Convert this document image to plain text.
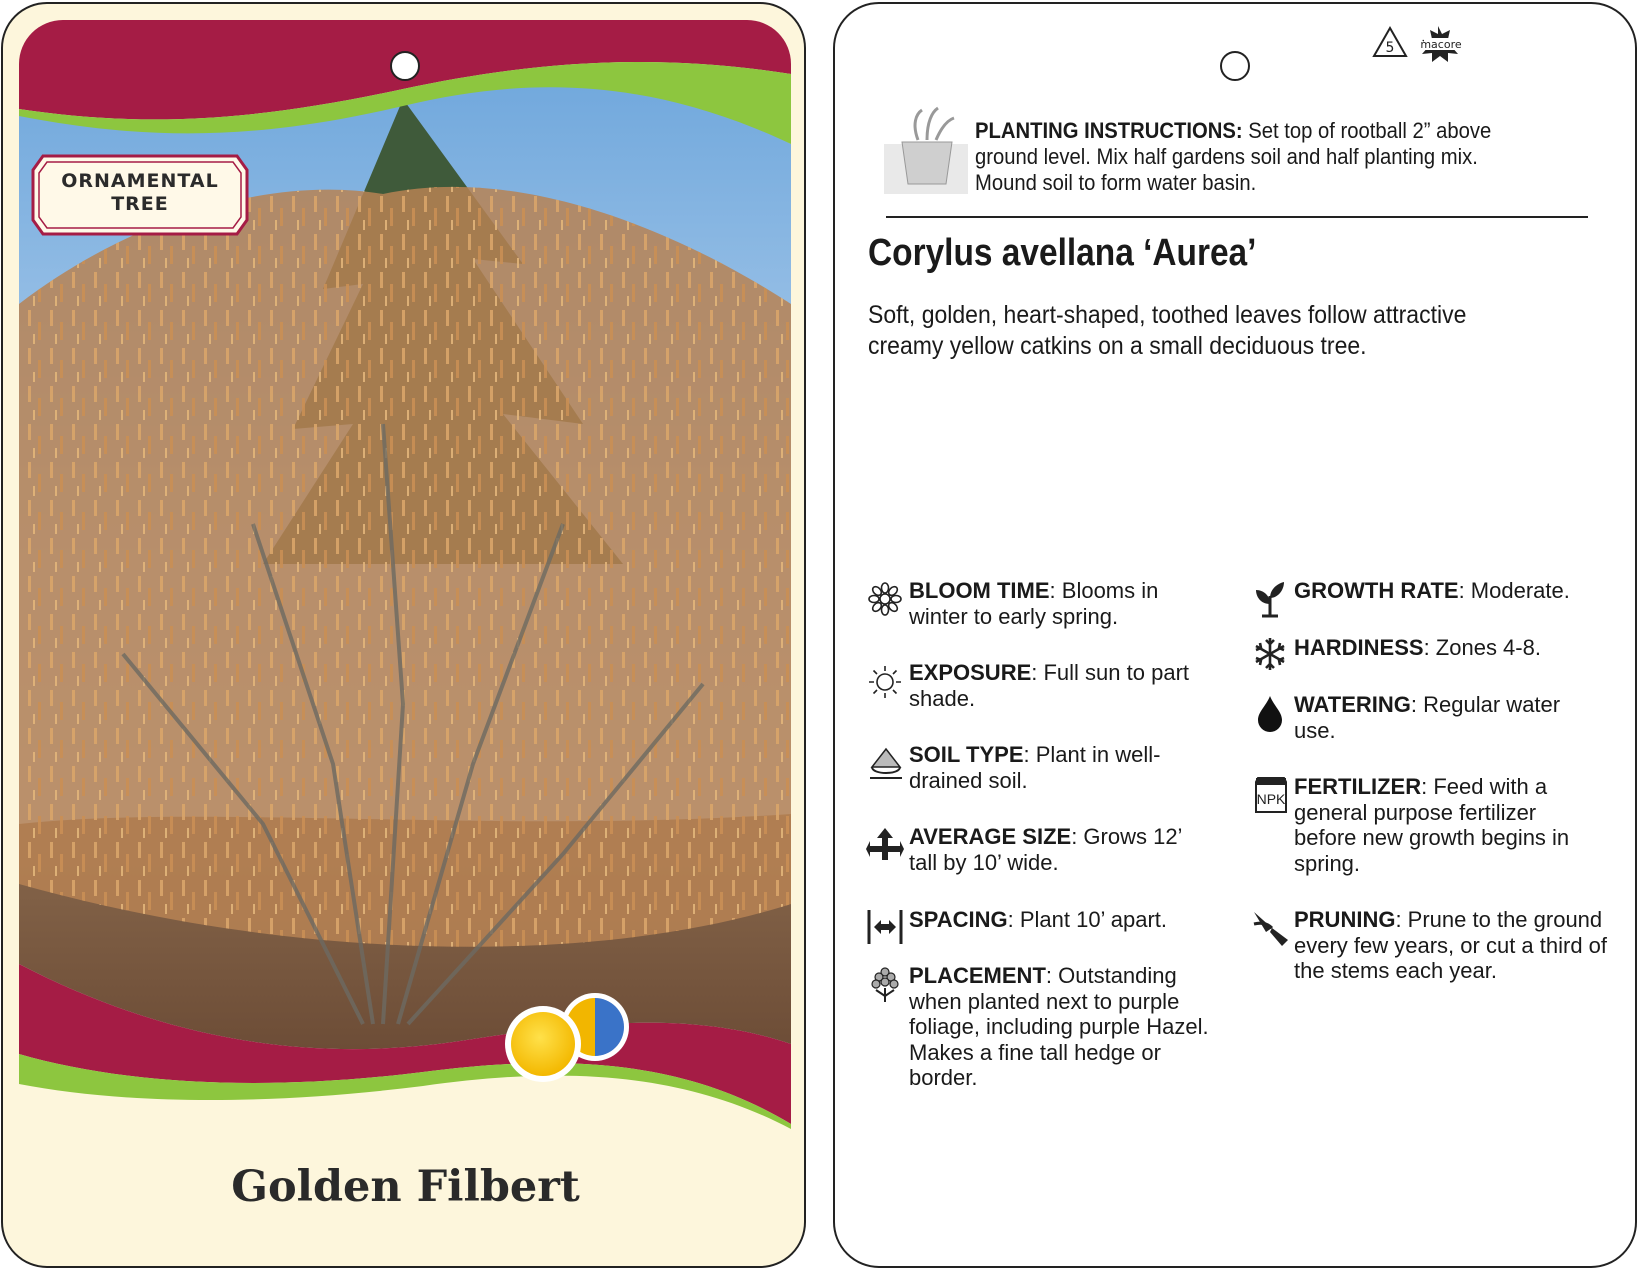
ORNAMENTAL
TREE
Golden Filbert
5 macore
PLANTING INSTRUCTIONS: Set top of rootball 2” above ground level. Mix half gardens soil and half planting mix. Mound soil to form water basin.
Corylus avellana ‘Aurea’
Soft, golden, heart-shaped, toothed leaves follow attractive creamy yellow catkins on a small deciduous tree.
BLOOM TIME: Blooms in winter to early spring.
EXPOSURE: Full sun to part shade.
SOIL TYPE: Plant in well-drained soil.
AVERAGE SIZE: Grows 12’ tall by 10’ wide.
SPACING: Plant 10’ apart.
PLACEMENT: Outstanding when planted next to purple foliage, including purple Hazel. Makes a fine tall hedge or border.
GROWTH RATE: Moderate.
HARDINESS: Zones 4-8.
WATERING: Regular water use.
NPK FERTILIZER: Feed with a general purpose fertilizer before new growth begins in spring.
PRUNING: Prune to the ground every few years, or cut a third of the stems each year.
